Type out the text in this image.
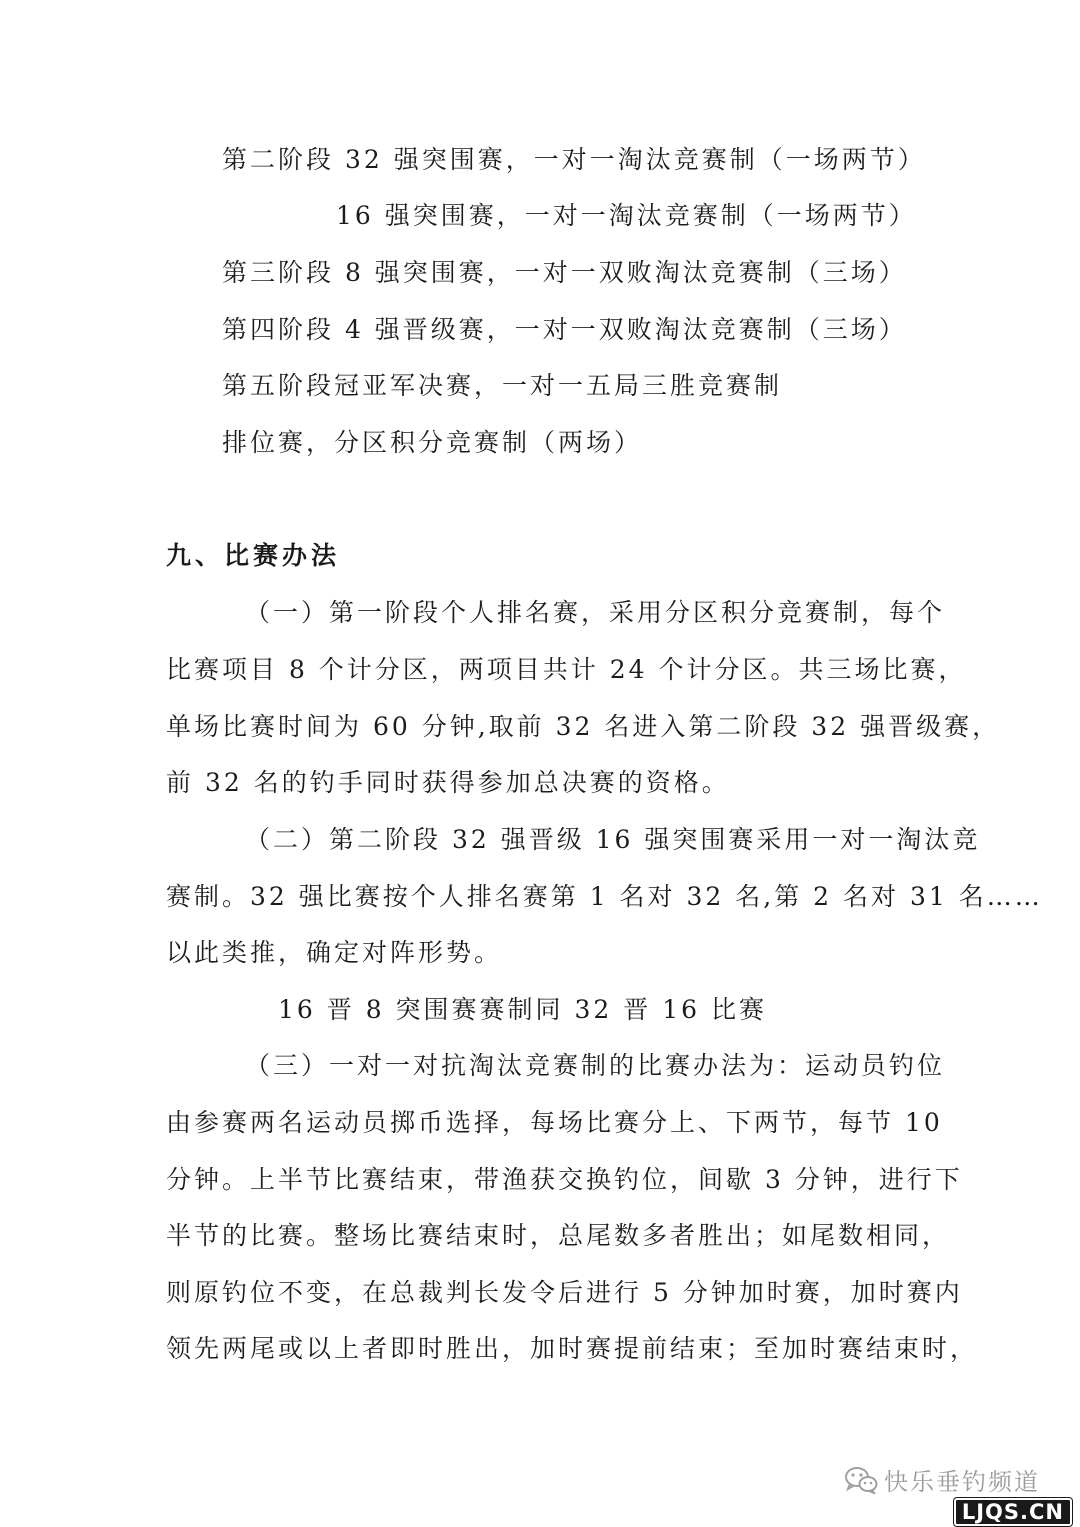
第二阶段 32 强突围赛，一对一淘汰竞赛制（一场两节）
16 强突围赛，一对一淘汰竞赛制（一场两节）
第三阶段 8 强突围赛，一对一双败淘汰竞赛制（三场）
第四阶段 4 强晋级赛，一对一双败淘汰竞赛制（三场）
第五阶段冠亚军决赛，一对一五局三胜竞赛制
排位赛，分区积分竞赛制（两场）
九、比赛办法
（一）第一阶段个人排名赛，采用分区积分竞赛制，每个
比赛项目 8 个计分区，两项目共计 24 个计分区。共三场比赛，
单场比赛时间为 60 分钟,取前 32 名进入第二阶段 32 强晋级赛，
前 32 名的钓手同时获得参加总决赛的资格。
（二）第二阶段 32 强晋级 16 强突围赛采用一对一淘汰竞
赛制。32 强比赛按个人排名赛第 1 名对 32 名,第 2 名对 31 名……
以此类推，确定对阵形势。
16 晋 8 突围赛赛制同 32 晋 16 比赛
（三）一对一对抗淘汰竞赛制的比赛办法为：运动员钓位
由参赛两名运动员掷币选择，每场比赛分上、下两节，每节 10
分钟。上半节比赛结束，带渔获交换钓位，间歇 3 分钟，进行下
半节的比赛。整场比赛结束时，总尾数多者胜出；如尾数相同，
则原钓位不变，在总裁判长发令后进行 5 分钟加时赛，加时赛内
领先两尾或以上者即时胜出，加时赛提前结束；至加时赛结束时，
快乐垂钓频道
LJQS.CN
